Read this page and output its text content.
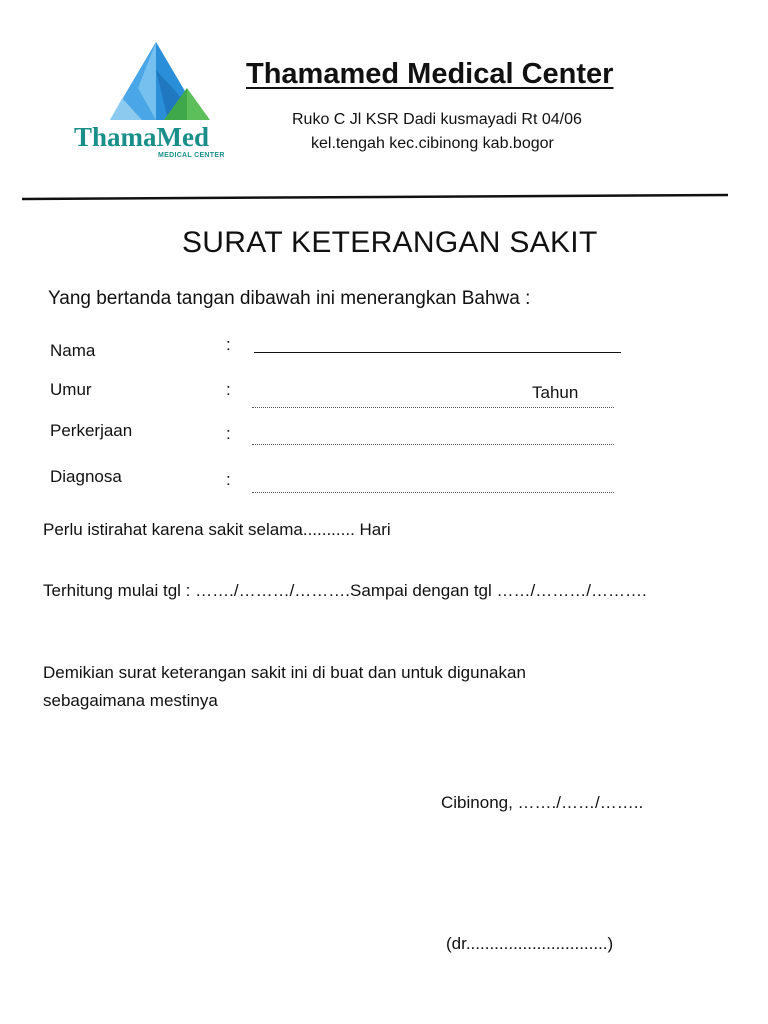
ThamaMed
MEDICAL CENTER
Thamamed Medical Center
Ruko C Jl KSR Dadi kusmayadi Rt 04/06
kel.tengah kec.cibinong kab.bogor
SURAT KETERANGAN SAKIT
Yang bertanda tangan dibawah ini menerangkan Bahwa :
Nama	:
Umur	:	Tahun
Perkerjaan	:
Diagnosa	:
Perlu istirahat karena sakit selama........... Hari
Terhitung mulai tgl : ……./………/……….Sampai dengan tgl ……/………/……….
Demikian surat keterangan sakit ini di buat dan untuk digunakan
sebagaimana mestinya
Cibinong, ……./……/……..
(dr..............................)
